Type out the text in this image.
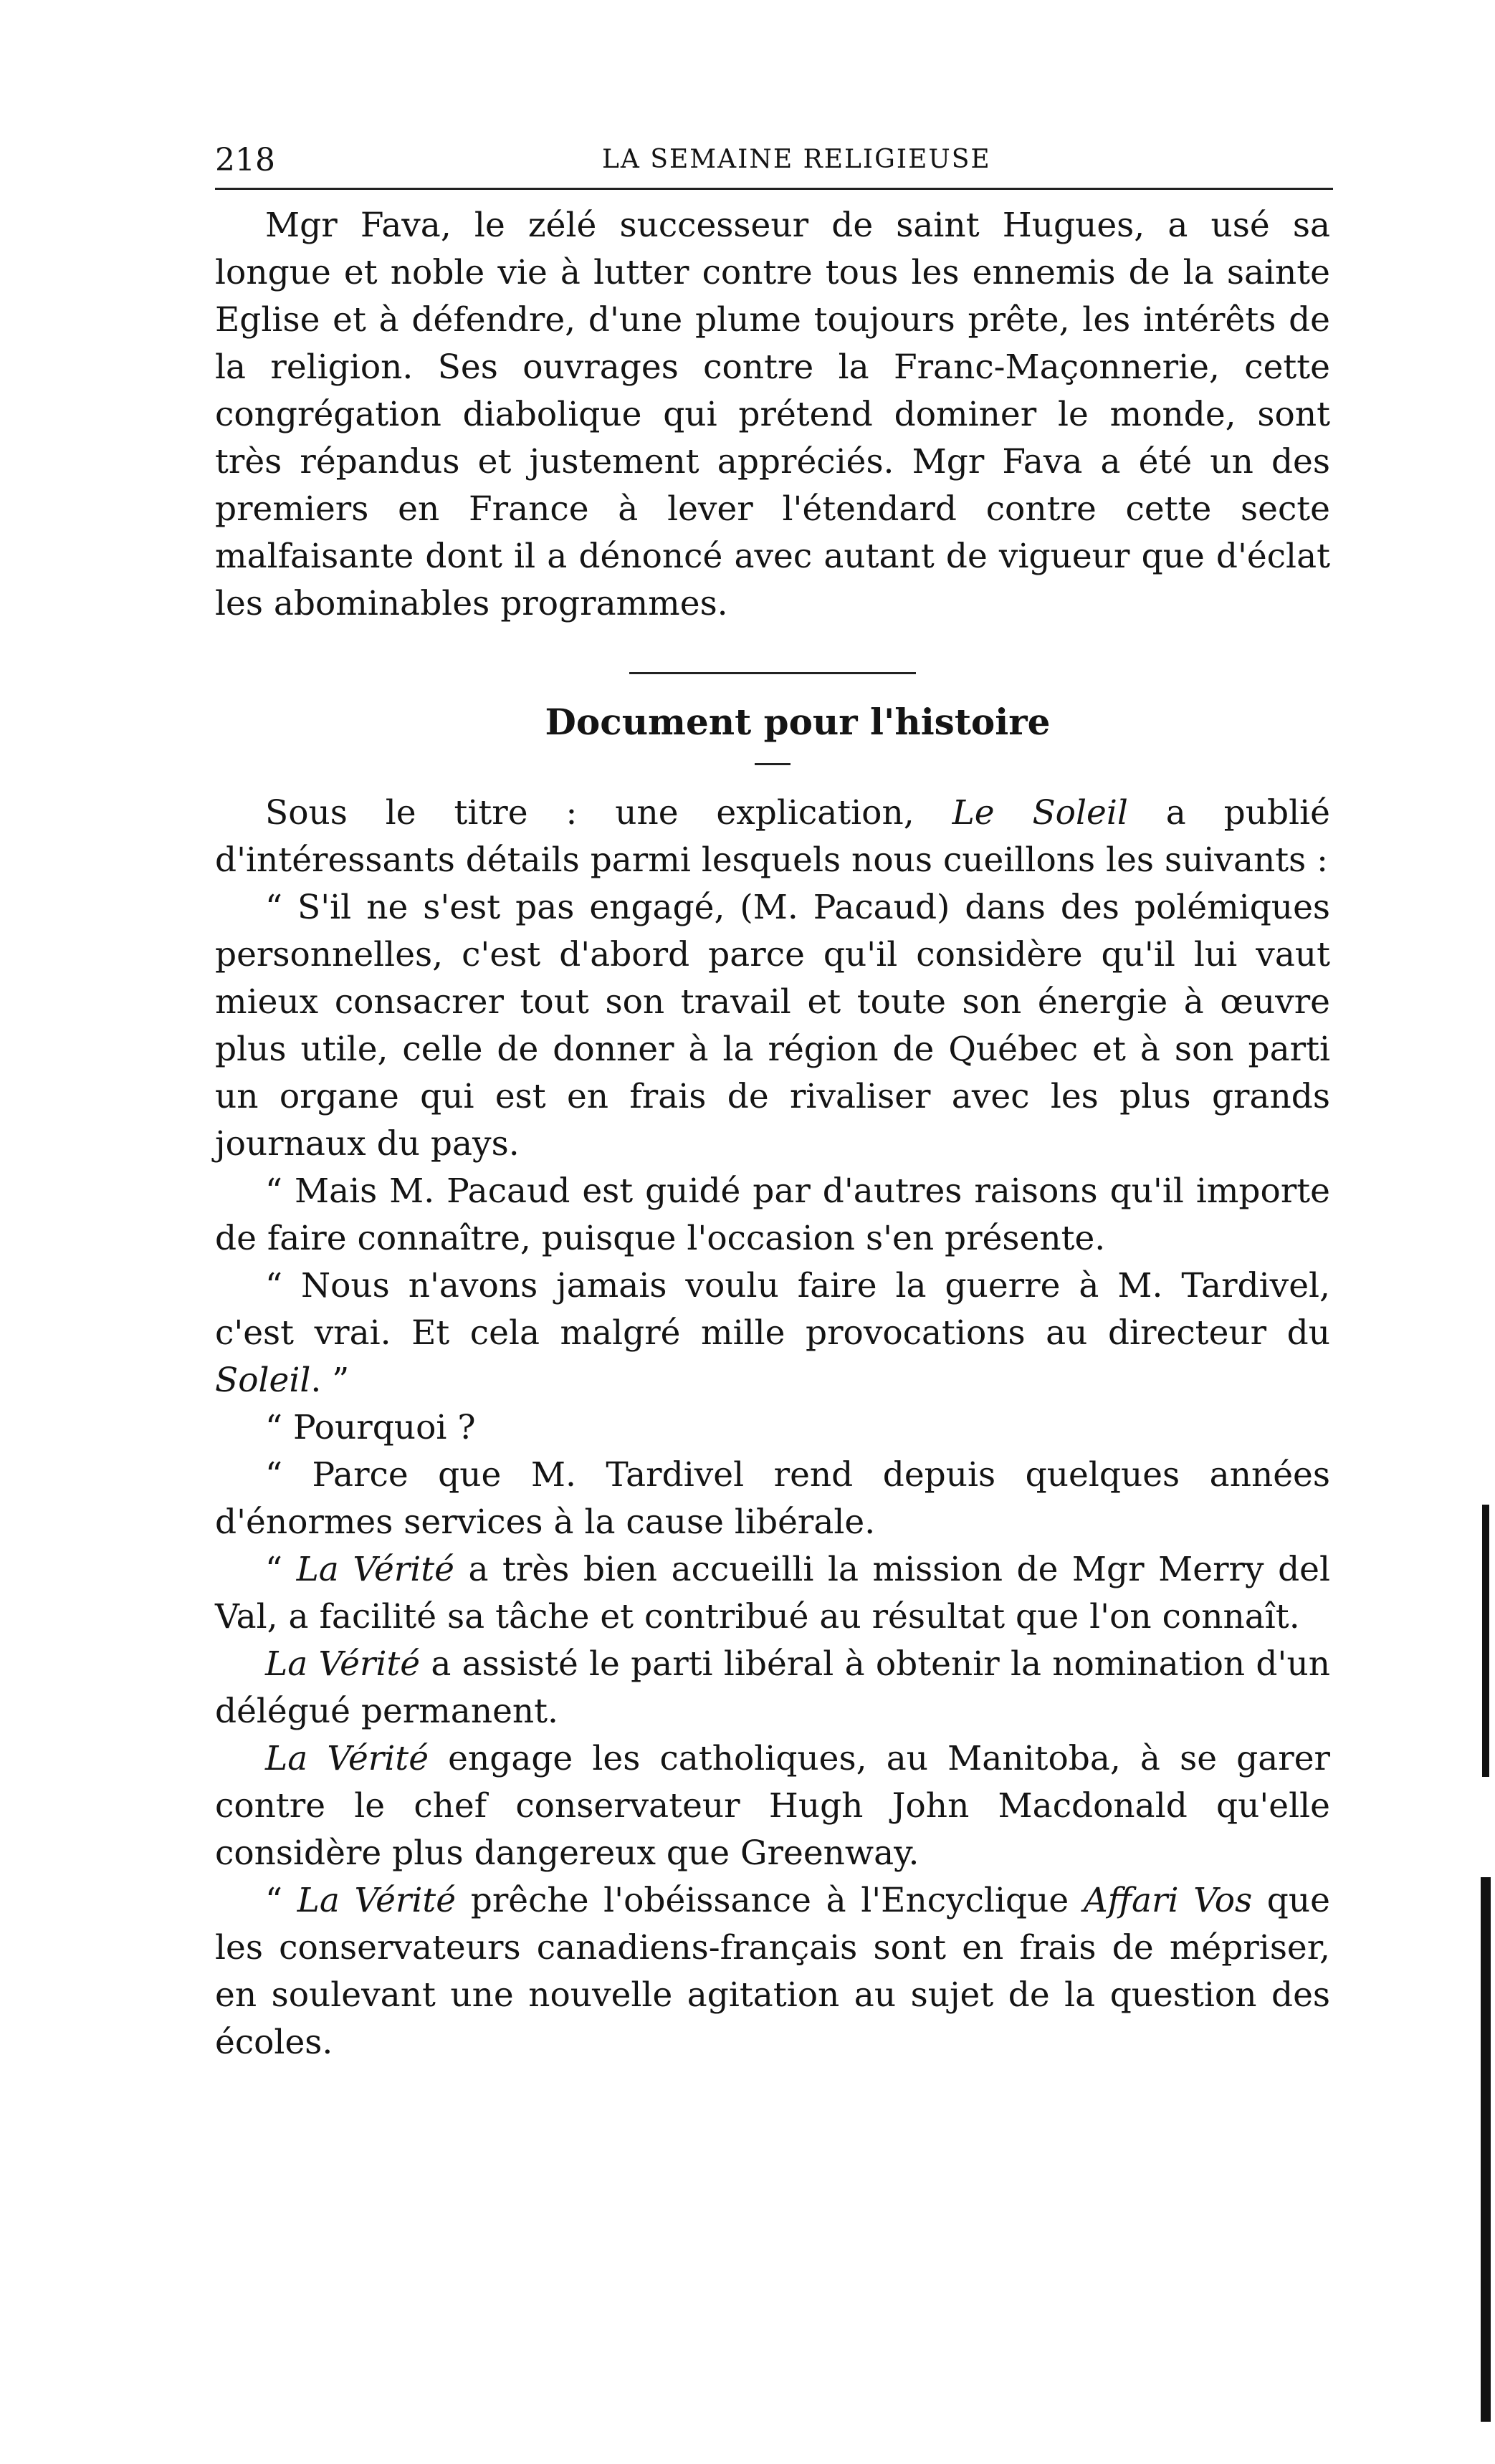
218	LA SEMAINE RELIGIEUSE

Mgr Fava, le zélé successeur de saint Hugues, a usé sa longue et noble vie à lutter contre tous les ennemis de la sainte Eglise et à défendre, d'une plume toujours prête, les intérêts de la religion. Ses ouvrages contre la Franc-Maçonnerie, cette congrégation diabolique qui prétend dominer le monde, sont très répandus et justement appréciés. Mgr Fava a été un des premiers en France à lever l'étendard contre cette secte malfaisante dont il a dénoncé avec autant de vigueur que d'éclat les abominables programmes.

Document pour l'histoire

Sous le titre : une explication, Le Soleil a publié d'intéressants détails parmi lesquels nous cueillons les suivants :

“ S'il ne s'est pas engagé, (M. Pacaud) dans des polémiques personnelles, c'est d'abord parce qu'il considère qu'il lui vaut mieux consacrer tout son travail et toute son énergie à œuvre plus utile, celle de donner à la région de Québec et à son parti un organe qui est en frais de rivaliser avec les plus grands journaux du pays.

“ Mais M. Pacaud est guidé par d'autres raisons qu'il importe de faire connaître, puisque l'occasion s'en présente.

“ Nous n'avons jamais voulu faire la guerre à M. Tardivel, c'est vrai. Et cela malgré mille provocations au directeur du Soleil. ”

“ Pourquoi ?

“ Parce que M. Tardivel rend depuis quelques années d'énormes services à la cause libérale.

“ La Vérité a très bien accueilli la mission de Mgr Merry del Val, a facilité sa tâche et contribué au résultat que l'on connaît.

La Vérité a assisté le parti libéral à obtenir la nomination d'un délégué permanent.

La Vérité engage les catholiques, au Manitoba, à se garer contre le chef conservateur Hugh John Macdonald qu'elle considère plus dangereux que Greenway.

“ La Vérité prêche l'obéissance à l'Encyclique Affari Vos que les conservateurs canadiens-français sont en frais de mépriser, en soulevant une nouvelle agitation au sujet de la question des écoles.
